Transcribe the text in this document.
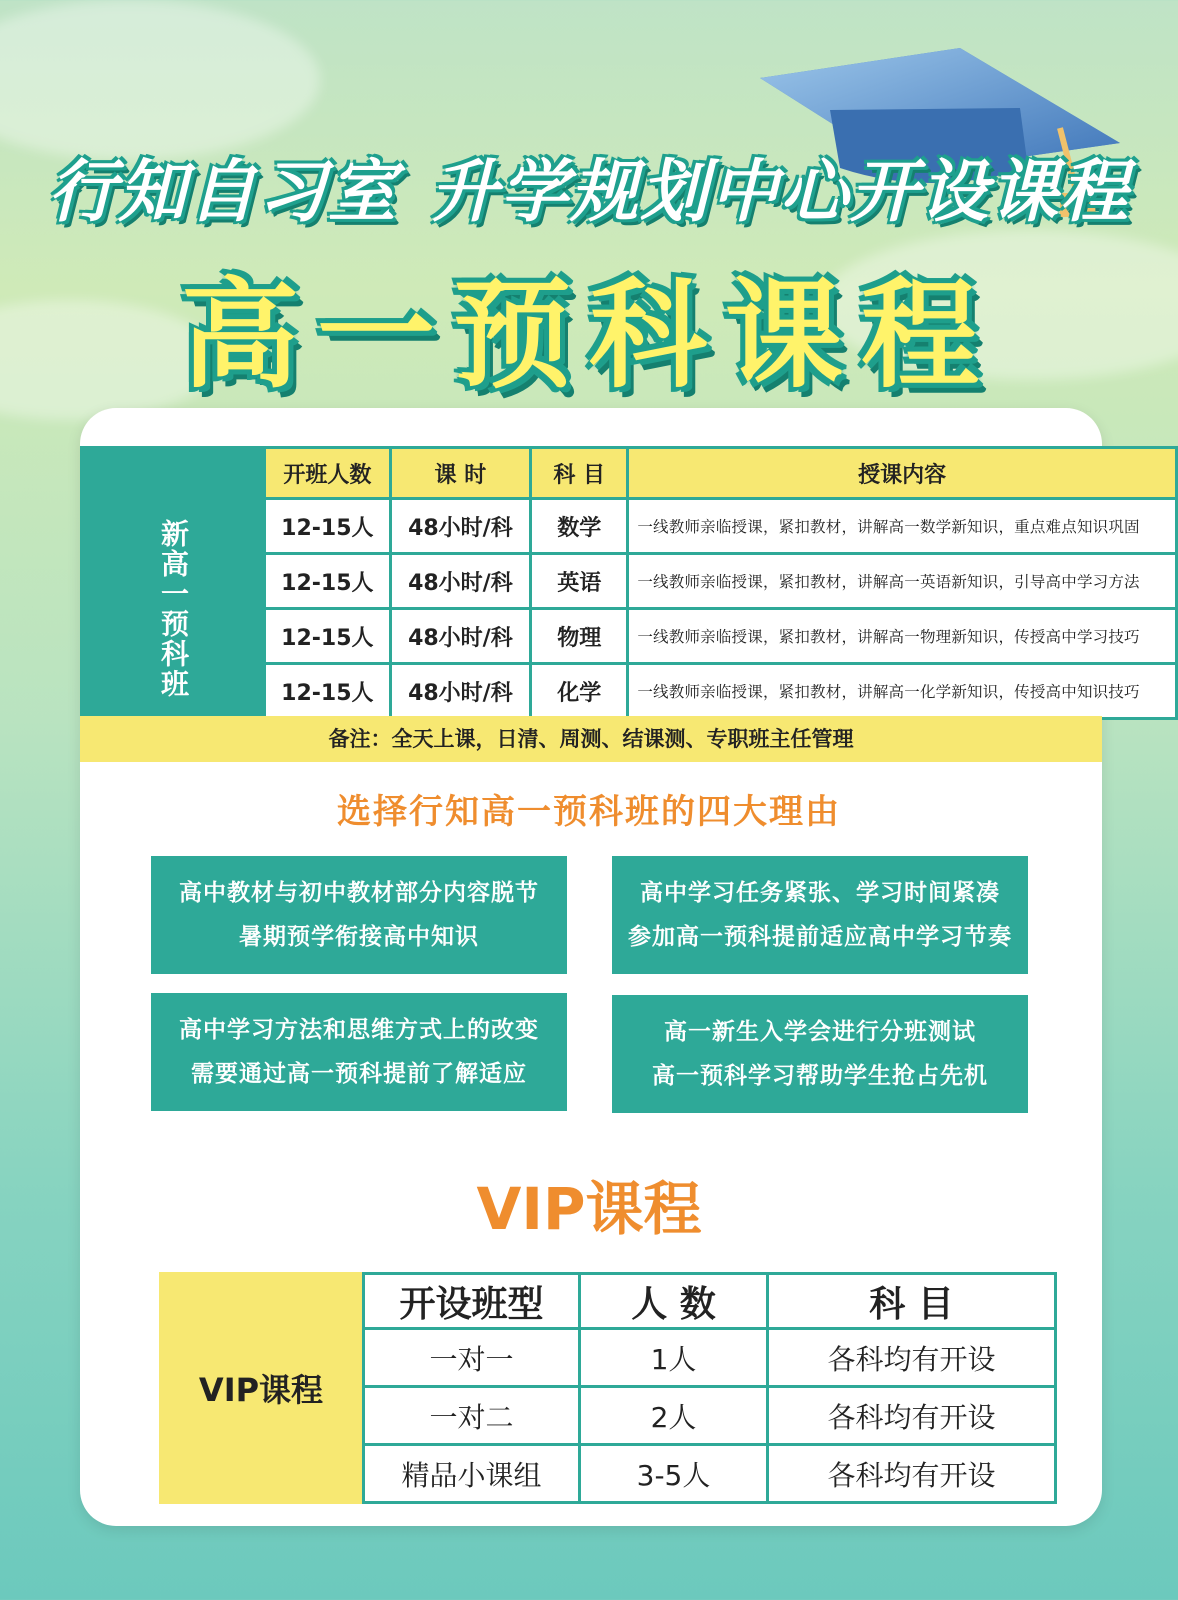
行知自习室 升学规划中心开设课程
高一预科课程
	开班人数	课 时	科 目	授课内容
新高一预科班	12-15人	48小时/科	数学	一线教师亲临授课，紧扣教材，讲解高一数学新知识，重点难点知识巩固
	12-15人	48小时/科	英语	一线教师亲临授课，紧扣教材，讲解高一英语新知识，引导高中学习方法
	12-15人	48小时/科	物理	一线教师亲临授课，紧扣教材，讲解高一物理新知识，传授高中学习技巧
	12-15人	48小时/科	化学	一线教师亲临授课，紧扣教材，讲解高一化学新知识，传授高中知识技巧
备注：全天上课，日清、周测、结课测、专职班主任管理
选择行知高一预科班的四大理由
高中教材与初中教材部分内容脱节
暑期预学衔接高中知识
高中学习任务紧张、学习时间紧凑
参加高一预科提前适应高中学习节奏
高中学习方法和思维方式上的改变
需要通过高一预科提前了解适应
高一新生入学会进行分班测试
高一预科学习帮助学生抢占先机
VIP课程
VIP课程
开设班型	人 数	科 目
一对一	1人	各科均有开设
一对二	2人	各科均有开设
精品小课组	3-5人	各科均有开设
